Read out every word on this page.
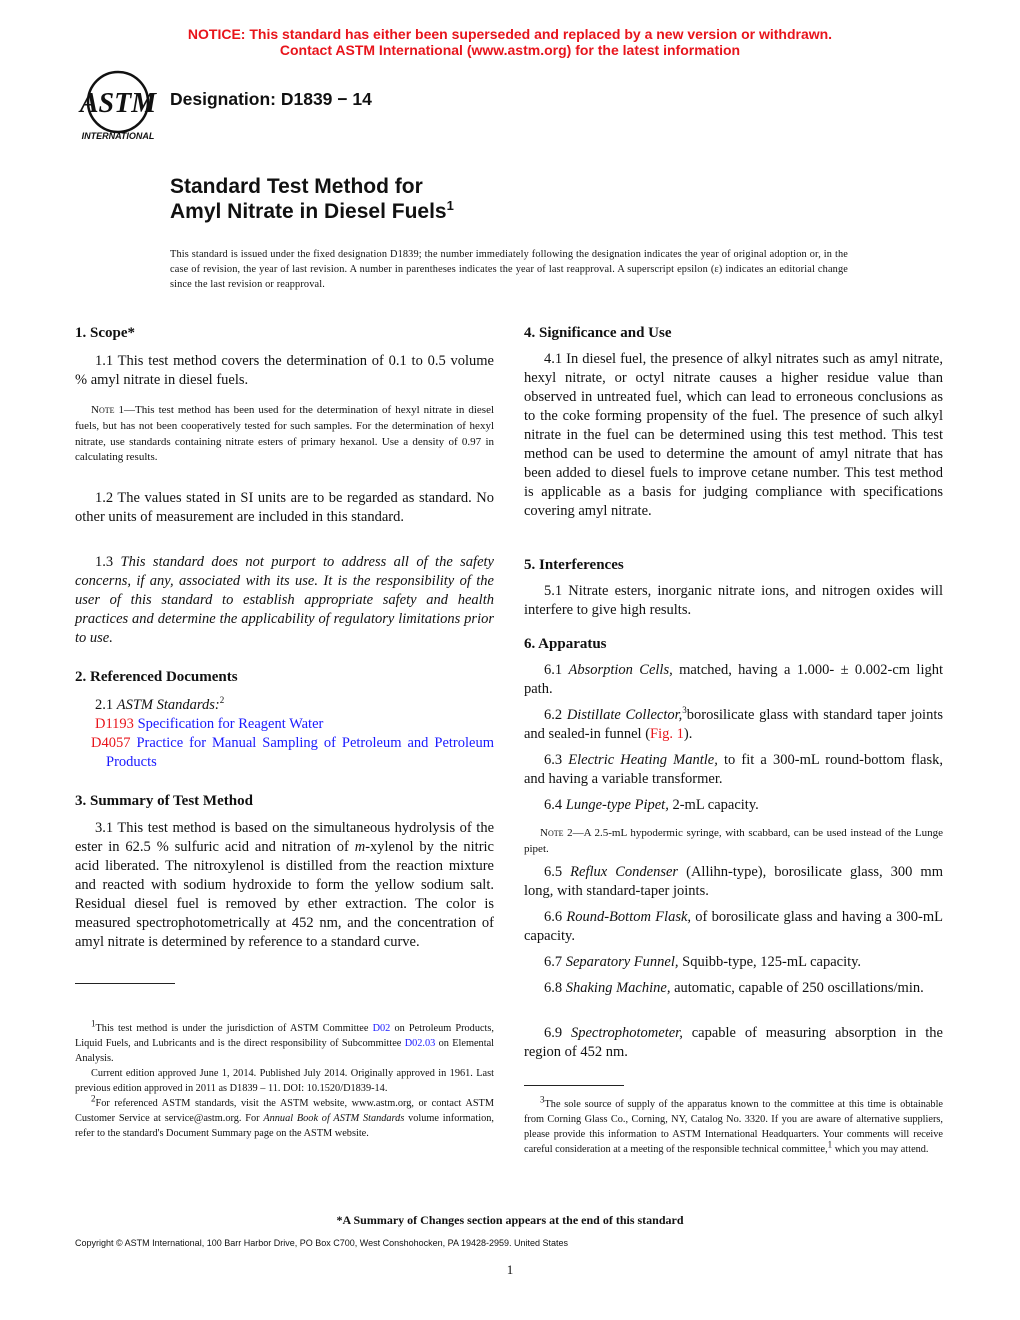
NOTICE: This standard has either been superseded and replaced by a new version or withdrawn.
Contact ASTM International (www.astm.org) for the latest information
ASTM
INTERNATIONAL
Designation: D1839 − 14
Standard Test Method for
Amyl Nitrate in Diesel Fuels$^1$
This standard is issued under the fixed designation D1839; the number immediately following the designation indicates the year of original adoption or, in the case of revision, the year of last revision. A number in parentheses indicates the year of last reapproval. A superscript epsilon (ε) indicates an editorial change since the last revision or reapproval.
1. Scope*

1.1 This test method covers the determination of 0.1 to 0.5 volume % amyl nitrate in diesel fuels.

Note 1—This test method has been used for the determination of hexyl nitrate in diesel fuels, but has not been cooperatively tested for such samples. For the determination of hexyl nitrate, use standards containing nitrate esters of primary hexanol. Use a density of 0.97 in calculating results.

1.2 The values stated in SI units are to be regarded as standard. No other units of measurement are included in this standard.

1.3 This standard does not purport to address all of the safety concerns, if any, associated with its use. It is the responsibility of the user of this standard to establish appropriate safety and health practices and determine the applicability of regulatory limitations prior to use.

2. Referenced Documents

2.1 ASTM Standards:$^2$

D1193 Specification for Reagent Water

D4057 Practice for Manual Sampling of Petroleum and Petroleum Products

3. Summary of Test Method

3.1 This test method is based on the simultaneous hydrolysis of the ester in 62.5 % sulfuric acid and nitration of m-xylenol by the nitric acid liberated. The nitroxylenol is distilled from the reaction mixture and reacted with sodium hydroxide to form the yellow sodium salt. Residual diesel fuel is removed by ether extraction. The color is measured spectrophotometrically at 452 nm, and the concentration of amyl nitrate is determined by reference to a standard curve.

$^1$This test method is under the jurisdiction of ASTM Committee D02 on Petroleum Products, Liquid Fuels, and Lubricants and is the direct responsibility of Subcommittee D02.03 on Elemental Analysis.

Current edition approved June 1, 2014. Published July 2014. Originally approved in 1961. Last previous edition approved in 2011 as D1839 – 11. DOI: 10.1520/D1839-14.

$^2$For referenced ASTM standards, visit the ASTM website, www.astm.org, or contact ASTM Customer Service at service@astm.org. For Annual Book of ASTM Standards volume information, refer to the standard's Document Summary page on the ASTM website.

4. Significance and Use

4.1 In diesel fuel, the presence of alkyl nitrates such as amyl nitrate, hexyl nitrate, or octyl nitrate causes a higher residue value than observed in untreated fuel, which can lead to erroneous conclusions as to the coke forming propensity of the fuel. The presence of such alkyl nitrate in the fuel can be determined using this test method. This test method can be used to determine the amount of amyl nitrate that has been added to diesel fuels to improve cetane number. This test method is applicable as a basis for judging compliance with specifications covering amyl nitrate.

5. Interferences

5.1 Nitrate esters, inorganic nitrate ions, and nitrogen oxides will interfere to give high results.

6. Apparatus

6.1 Absorption Cells, matched, having a 1.000- ± 0.002-cm light path.

6.2 Distillate Collector,$^3$borosilicate glass with standard taper joints and sealed-in funnel (Fig. 1).

6.3 Electric Heating Mantle, to fit a 300-mL round-bottom flask, and having a variable transformer.

6.4 Lunge-type Pipet, 2-mL capacity.

Note 2—A 2.5-mL hypodermic syringe, with scabbard, can be used instead of the Lunge pipet.

6.5 Reflux Condenser (Allihn-type), borosilicate glass, 300 mm long, with standard-taper joints.

6.6 Round-Bottom Flask, of borosilicate glass and having a 300-mL capacity.

6.7 Separatory Funnel, Squibb-type, 125-mL capacity.

6.8 Shaking Machine, automatic, capable of 250 oscillations/min.

6.9 Spectrophotometer, capable of measuring absorption in the region of 452 nm.

$^3$The sole source of supply of the apparatus known to the committee at this time is obtainable from Corning Glass Co., Corning, NY, Catalog No. 3320. If you are aware of alternative suppliers, please provide this information to ASTM International Headquarters. Your comments will receive careful consideration at a meeting of the responsible technical committee,$^1$ which you may attend.

*A Summary of Changes section appears at the end of this standard
Copyright © ASTM International, 100 Barr Harbor Drive, PO Box C700, West Conshohocken, PA 19428-2959. United States
1
